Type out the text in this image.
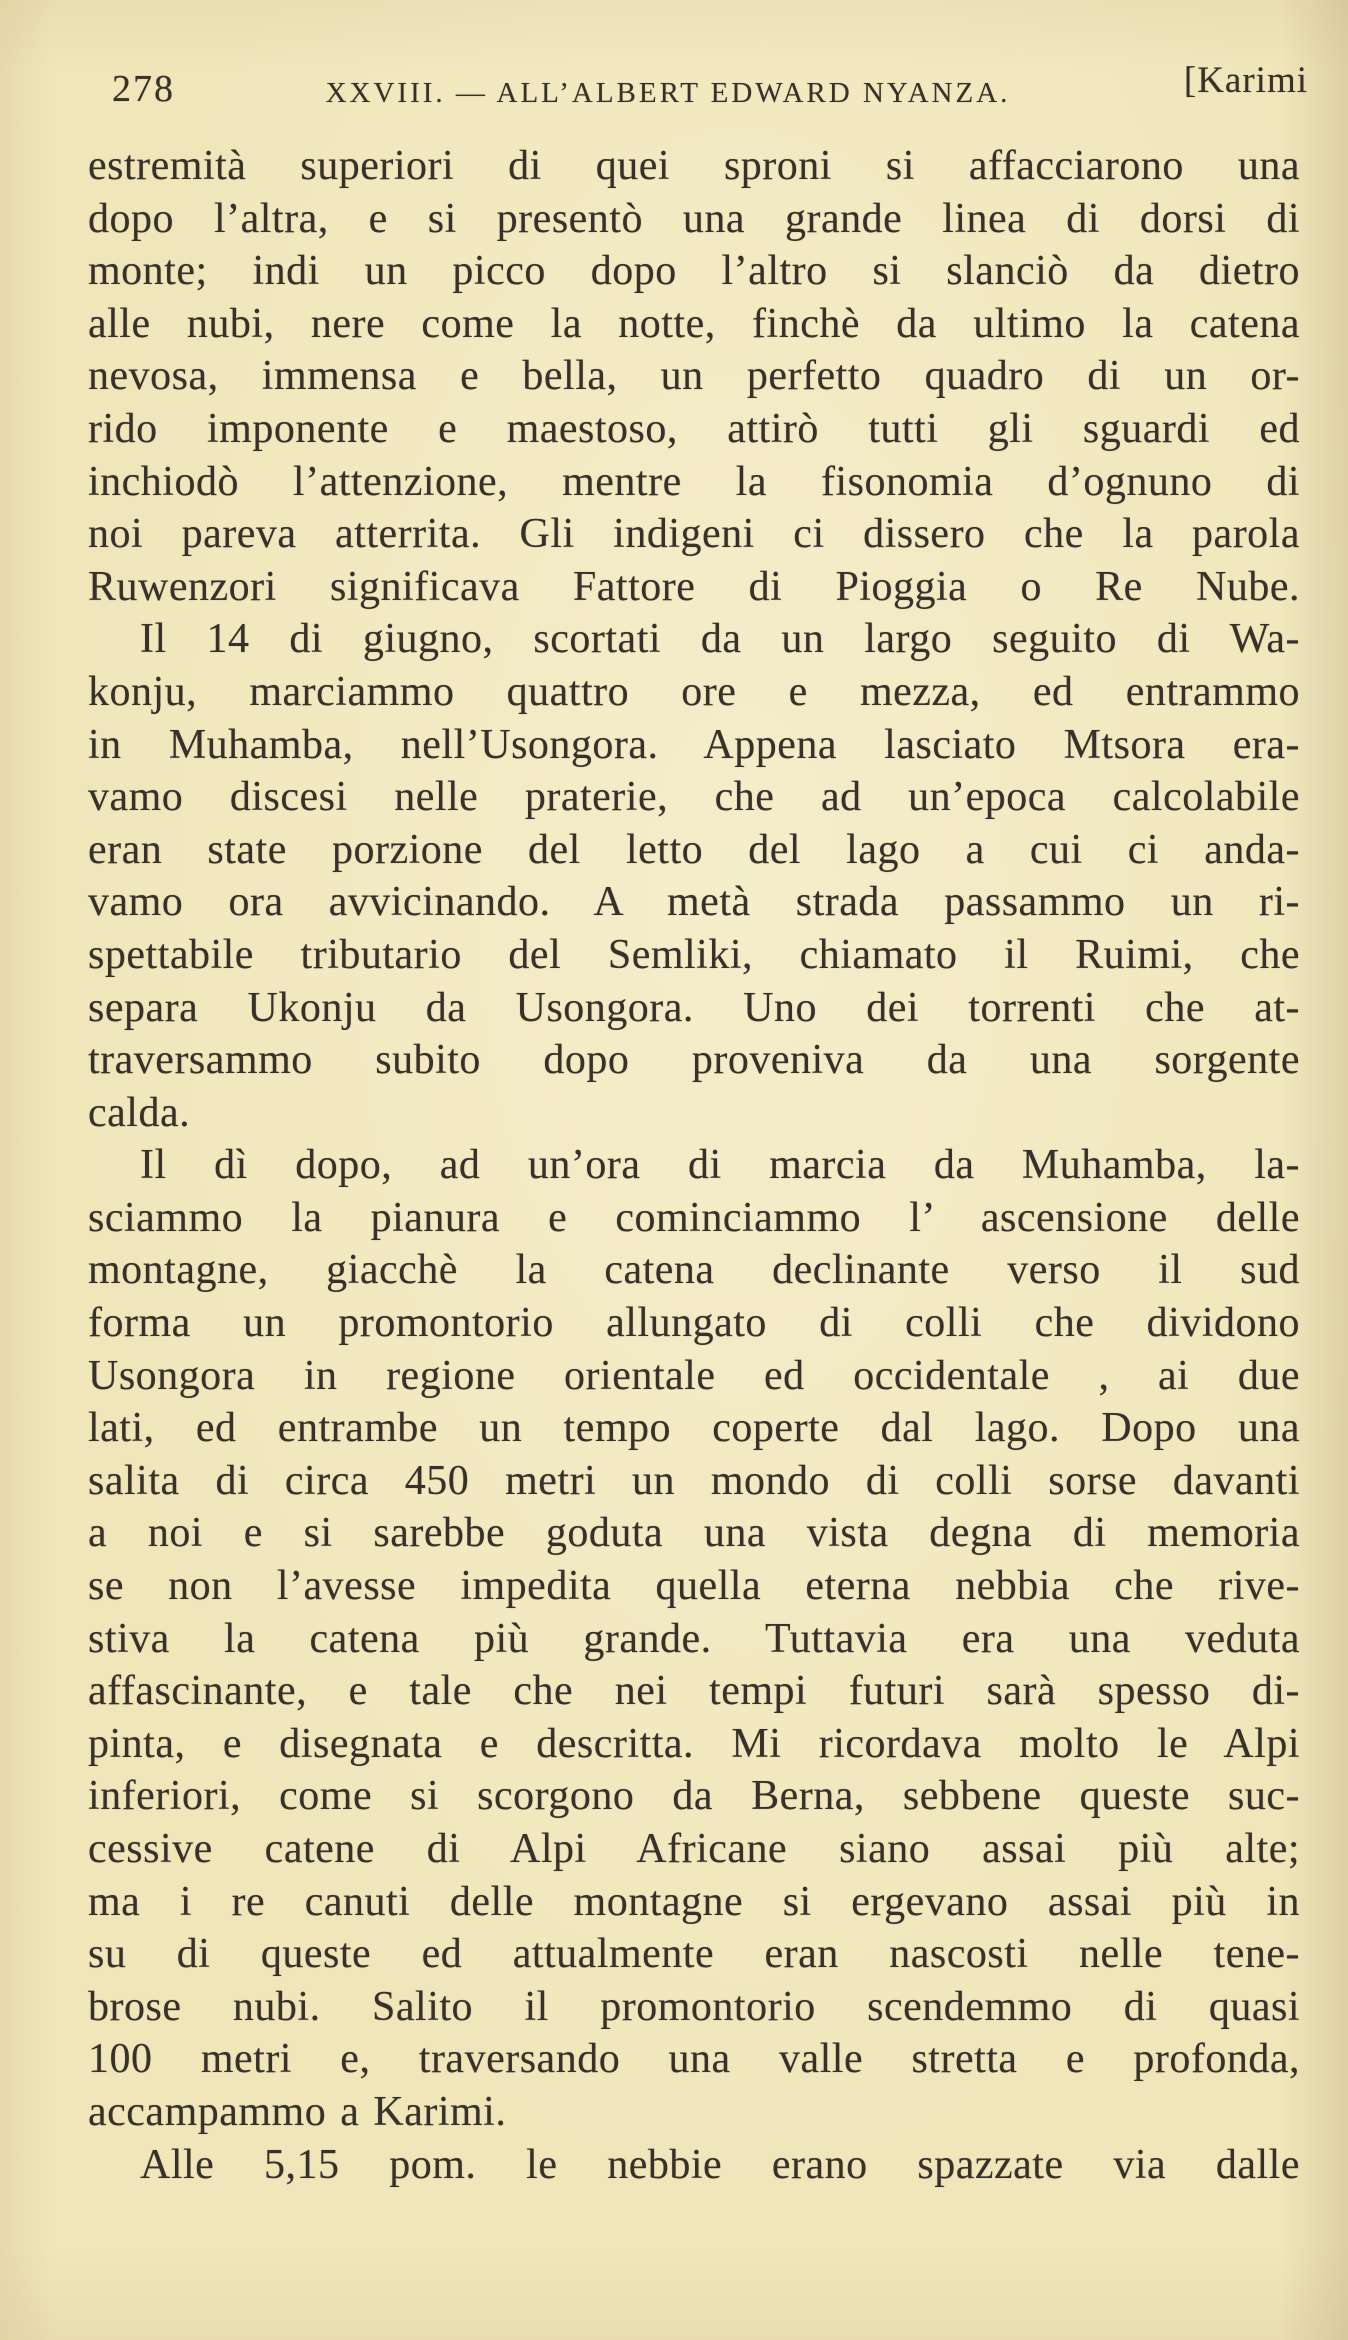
278	XXVIII. — ALL’ALBERT EDWARD NYANZA.	[Karimi
estremità superiori di quei sproni si affacciarono una
dopo l’altra, e si presentò una grande linea di dorsi di
monte; indi un picco dopo l’altro si slanciò da dietro
alle nubi, nere come la notte, finchè da ultimo la catena
nevosa, immensa e bella, un perfetto quadro di un or-
rido imponente e maestoso, attirò tutti gli sguardi ed
inchiodò l’attenzione, mentre la fisonomia d’ognuno di
noi pareva atterrita. Gli indigeni ci dissero che la parola
Ruwenzori significava Fattore di Pioggia o Re Nube.
Il 14 di giugno, scortati da un largo seguito di Wa-
konju, marciammo quattro ore e mezza, ed entrammo
in Muhamba, nell’Usongora. Appena lasciato Mtsora era-
vamo discesi nelle praterie, che ad un’epoca calcolabile
eran state porzione del letto del lago a cui ci anda-
vamo ora avvicinando. A metà strada passammo un ri-
spettabile tributario del Semliki, chiamato il Ruimi, che
separa Ukonju da Usongora. Uno dei torrenti che at-
traversammo subito dopo proveniva da una sorgente
calda.
Il dì dopo, ad un’ora di marcia da Muhamba, la-
sciammo la pianura e cominciammo l’ ascensione delle
montagne, giacchè la catena declinante verso il sud
forma un promontorio allungato di colli che dividono
Usongora in regione orientale ed occidentale , ai due
lati, ed entrambe un tempo coperte dal lago. Dopo una
salita di circa 450 metri un mondo di colli sorse davanti
a noi e si sarebbe goduta una vista degna di memoria
se non l’avesse impedita quella eterna nebbia che rive-
stiva la catena più grande. Tuttavia era una veduta
affascinante, e tale che nei tempi futuri sarà spesso di-
pinta, e disegnata e descritta. Mi ricordava molto le Alpi
inferiori, come si scorgono da Berna, sebbene queste suc-
cessive catene di Alpi Africane siano assai più alte;
ma i re canuti delle montagne si ergevano assai più in
su di queste ed attualmente eran nascosti nelle tene-
brose nubi. Salito il promontorio scendemmo di quasi
100 metri e, traversando una valle stretta e profonda,
accampammo a Karimi.
Alle 5,15 pom. le nebbie erano spazzate via dalle
